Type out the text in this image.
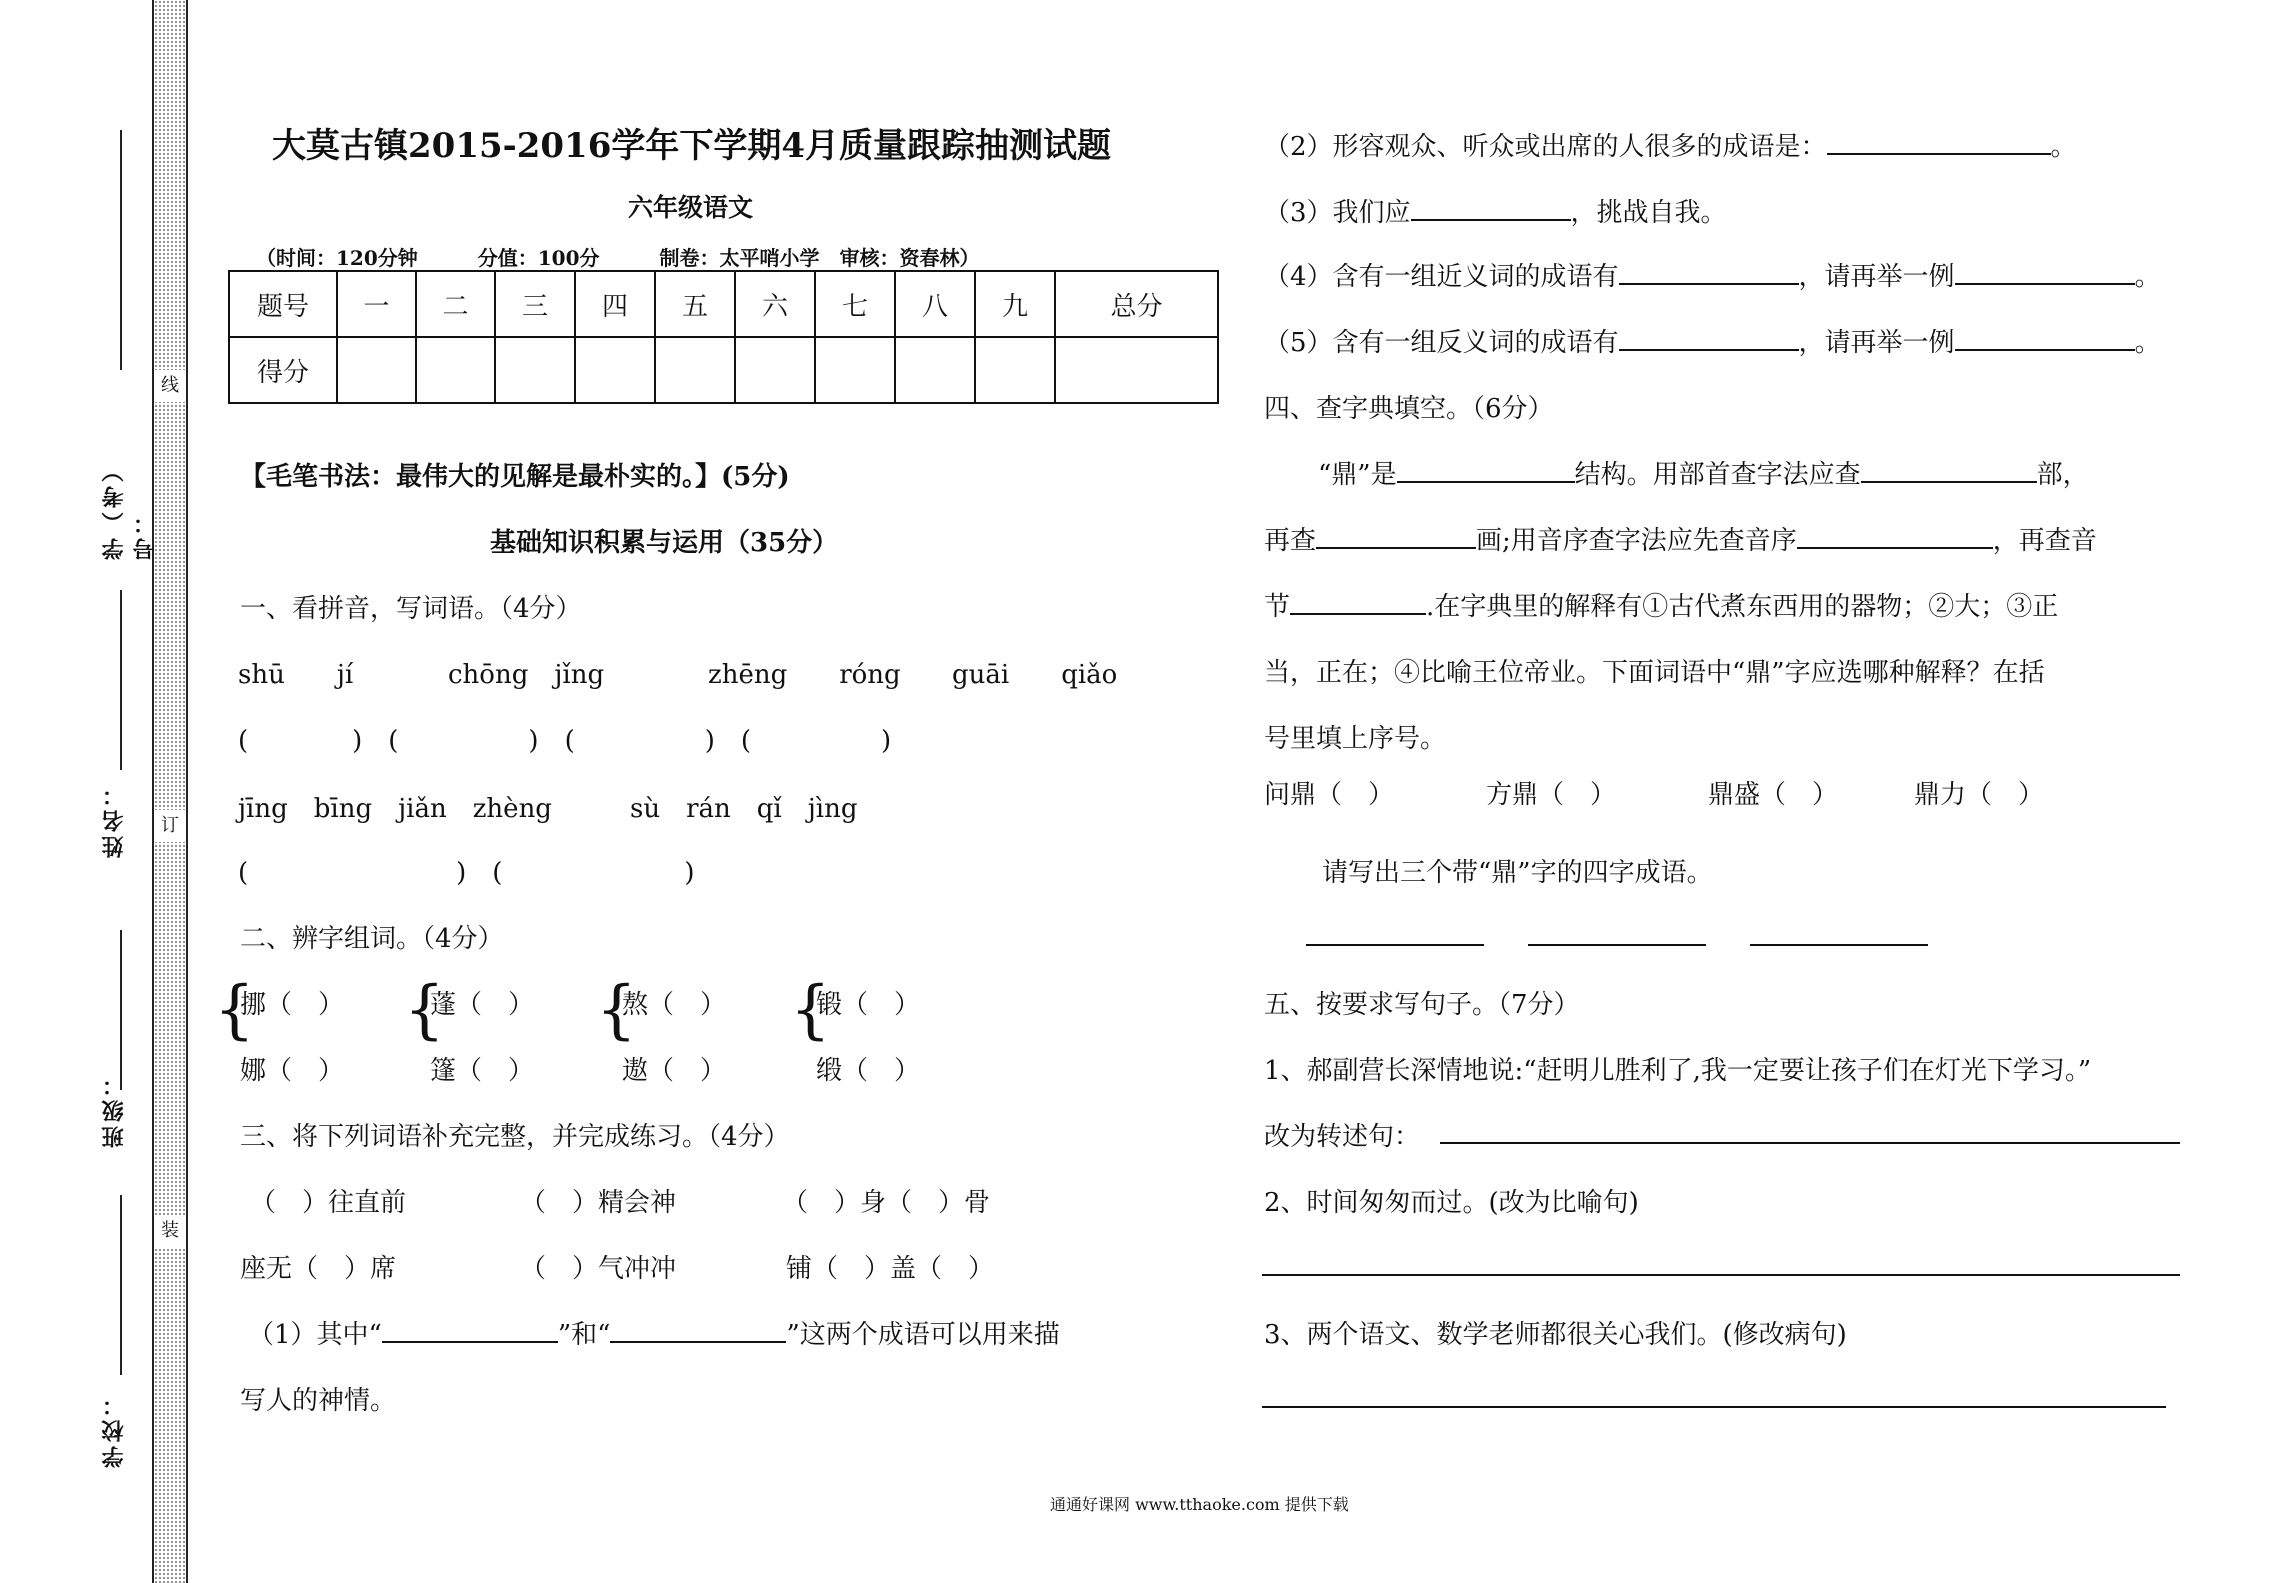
线
订
装
学（考）号：
姓名：
班级：
学校：
大莫古镇2015-2016学年下学期4月质量跟踪抽测试题
六年级语文
（时间：120分钟　　　分值：100分　　　制卷：太平哨小学　审核：资春林）
题号	一	二	三	四	五	六	七	八	九	总分
得分										
【毛笔书法：最伟大的见解是最朴实的。】(5分)
基础知识积累与运用（35分）
一、看拼音，写词语。（4分）
shū　　jí	chōng　jǐng	zhēng　　róng guāi　　qiǎo
(　　　　)　(　　　　　)　(　　　　　)　(　　　　　)
jīng　bīng　jiǎn　zhèng	sù　rán　qǐ　jìng
(　　　　　　　　)　(　　　　　　　)
二、辨字组词。（4分）
{
挪（　）
娜（　）
{
蓬（　）
篷（　）
{
熬（　）
遨（　）
{
锻（　）
缎（　）
三、将下列词语补充完整，并完成练习。（4分）
（　）往直前	（　）精会神	（　）身（　）骨
座无（　）席	（　）气冲冲	铺（　）盖（　）
（1）其中“	”和“	”这两个成语可以用来描
写人的神情。
（2）形容观众、听众或出席的人很多的成语是：	。
（3）我们应	，挑战自我。
（4）含有一组近义词的成语有	，请再举一例	。
（5）含有一组反义词的成语有	，请再举一例	。
四、查字典填空。（6分）
“鼎”是	结构。用部首查字法应查	部，
再查	画;用音序查字法应先查音序	，再查音
节	.在字典里的解释有①古代煮东西用的器物；②大；③正
当，正在；④比喻王位帝业。下面词语中“鼎”字应选哪种解释？在括
号里填上序号。
问鼎（　）	方鼎（　）	鼎盛（　）	鼎力（　）
请写出三个带“鼎”字的四字成语。
五、按要求写句子。（7分）
1、郝副营长深情地说:“赶明儿胜利了,我一定要让孩子们在灯光下学习。”
改为转述句：
2、时间匆匆而过。(改为比喻句)
3、两个语文、数学老师都很关心我们。(修改病句)
通通好课网 www.tthaoke.com 提供下载
